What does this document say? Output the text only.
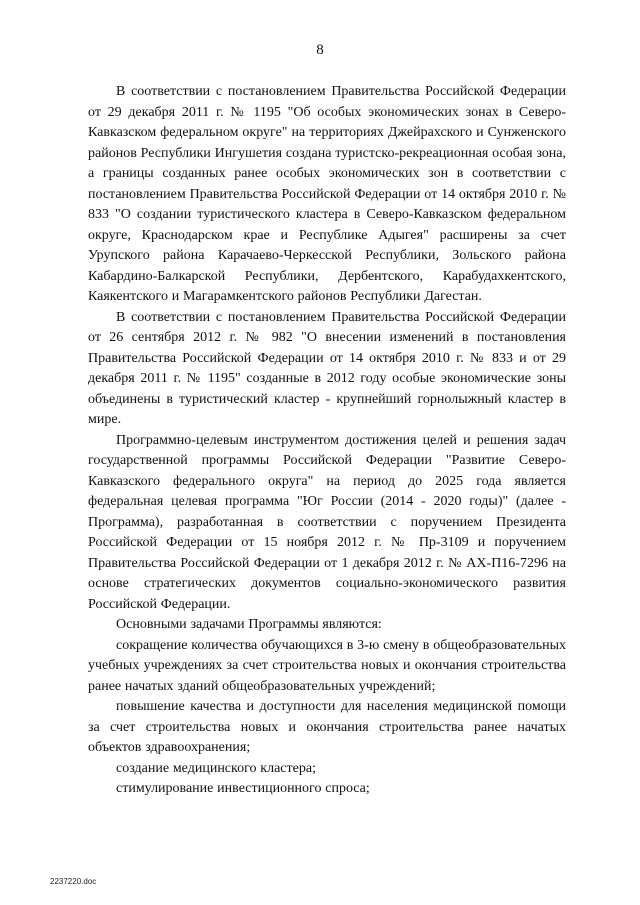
8

В соответствии с постановлением Правительства Российской Федерации от 29 декабря 2011 г. № 1195 "Об особых экономических зонах в Северо-Кавказском федеральном округе" на территориях Джейрахского и Сунженского районов Республики Ингушетия создана туристско-рекреационная особая зона, а границы созданных ранее особых экономических зон в соответствии с постановлением Правительства Российской Федерации от 14 октября 2010 г. № 833 "О создании туристического кластера в Северо-Кавказском федеральном округе, Краснодарском крае и Республике Адыгея" расширены за счет Урупского района Карачаево-Черкесской Республики, Зольского района Кабардино-Балкарской Республики, Дербентского, Карабудахкентского, Каякентского и Магарамкентского районов Республики Дагестан.

В соответствии с постановлением Правительства Российской Федерации от 26 сентября 2012 г. № 982 "О внесении изменений в постановления Правительства Российской Федерации от 14 октября 2010 г. № 833 и от 29 декабря 2011 г. № 1195" созданные в 2012 году особые экономические зоны объединены в туристический кластер - крупнейший горнолыжный кластер в мире.

Программно-целевым инструментом достижения целей и решения задач государственной программы Российской Федерации "Развитие Северо-Кавказского федерального округа" на период до 2025 года является федеральная целевая программа "Юг России (2014 - 2020 годы)" (далее - Программа), разработанная в соответствии с поручением Президента Российской Федерации от 15 ноября 2012 г. № Пр-3109 и поручением Правительства Российской Федерации от 1 декабря 2012 г. № АХ-П16-7296 на основе стратегических документов социально-экономического развития Российской Федерации.

Основными задачами Программы являются:

сокращение количества обучающихся в 3-ю смену в общеобразовательных учебных учреждениях за счет строительства новых и окончания строительства ранее начатых зданий общеобразовательных учреждений;

повышение качества и доступности для населения медицинской помощи за счет строительства новых и окончания строительства ранее начатых объектов здравоохранения;

создание медицинского кластера;

стимулирование инвестиционного спроса;

2237220.doc
